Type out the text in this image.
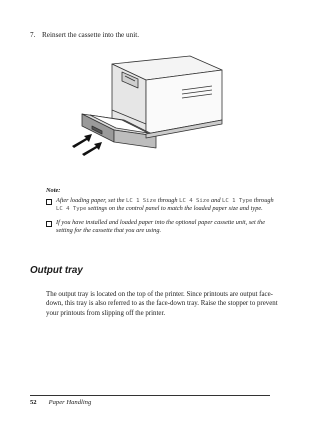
7. Reinsert the cassette into the unit.
Note:
After loading paper, set the LC 1 Size through LC 4 Size and LC 1 Type through LC 4 Type settings on the control panel to match the loaded paper size and type.
If you have installed and loaded paper into the optional paper cassette unit, set the setting for the cassette that you are using.
Output tray
The output tray is located on the top of the printer. Since printouts are output face-down, this tray is also referred to as the face-down tray. Raise the stopper to prevent your printouts from slipping off the printer.
52 Paper Handling
